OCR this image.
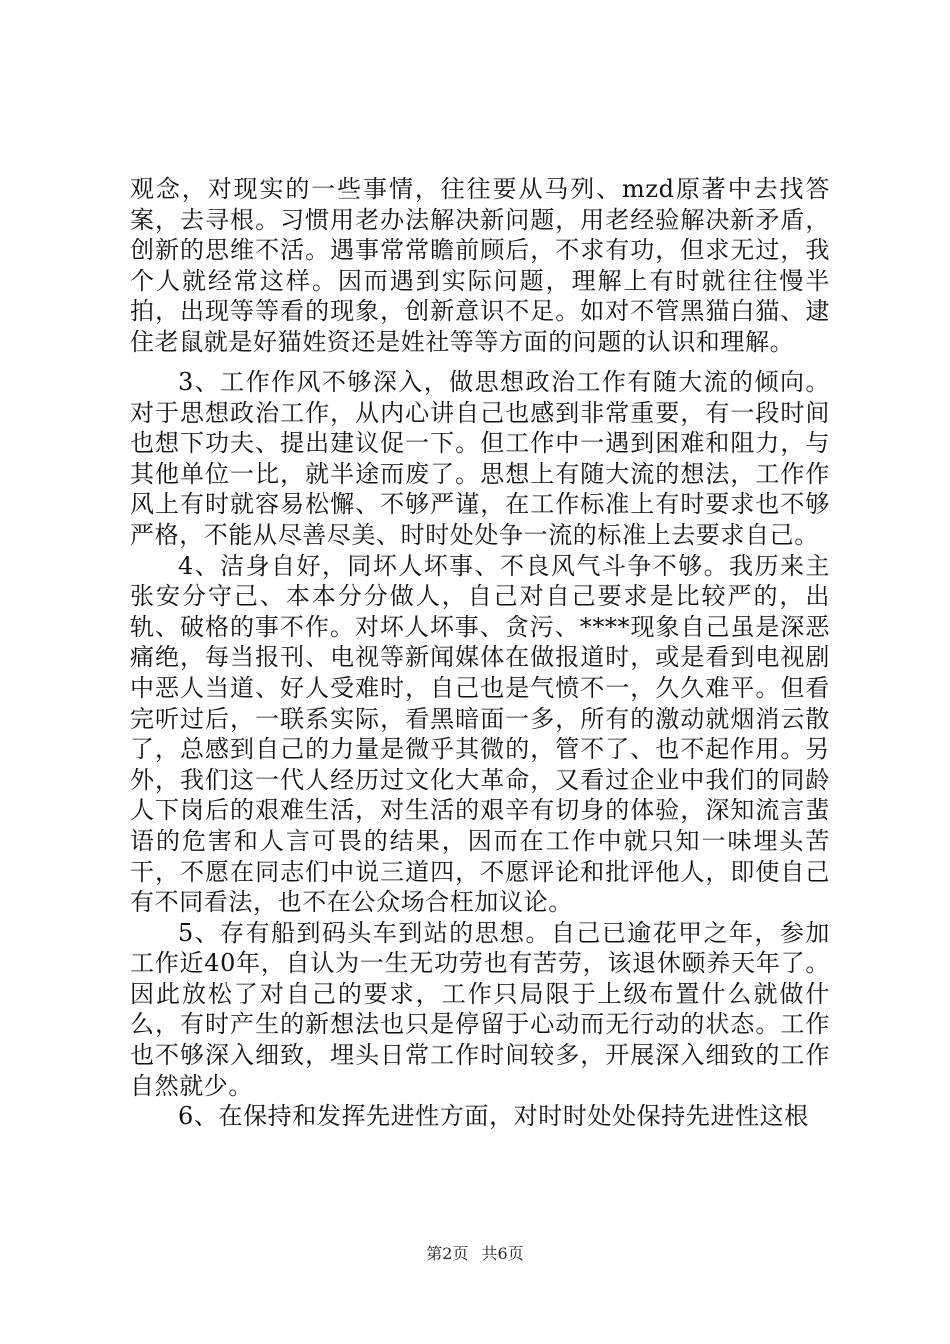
观念，对现实的一些事情，往往要从马列、mzd原著中去找答案，去寻根。习惯用老办法解决新问题，用老经验解决新矛盾，创新的思维不活。遇事常常瞻前顾后，不求有功，但求无过，我个人就经常这样。因而遇到实际问题，理解上有时就往往慢半拍，出现等等看的现象，创新意识不足。如对不管黑猫白猫、逮住老鼠就是好猫姓资还是姓社等等方面的问题的认识和理解。

3、工作作风不够深入，做思想政治工作有随大流的倾向。对于思想政治工作，从内心讲自己也感到非常重要，有一段时间也想下功夫、提出建议促一下。但工作中一遇到困难和阻力，与其他单位一比，就半途而废了。思想上有随大流的想法，工作作风上有时就容易松懈、不够严谨，在工作标准上有时要求也不够严格，不能从尽善尽美、时时处处争一流的标准上去要求自己。

4、洁身自好，同坏人坏事、不良风气斗争不够。我历来主张安分守己、本本分分做人，自己对自己要求是比较严的，出轨、破格的事不作。对坏人坏事、贪污、****现象自己虽是深恶痛绝，每当报刊、电视等新闻媒体在做报道时，或是看到电视剧中恶人当道、好人受难时，自己也是气愤不一，久久难平。但看完听过后，一联系实际，看黑暗面一多，所有的激动就烟消云散了，总感到自己的力量是微乎其微的，管不了、也不起作用。另外，我们这一代人经历过文化大革命，又看过企业中我们的同龄人下岗后的艰难生活，对生活的艰辛有切身的体验，深知流言蜚语的危害和人言可畏的结果，因而在工作中就只知一味埋头苦干，不愿在同志们中说三道四，不愿评论和批评他人，即使自己有不同看法，也不在公众场合枉加议论。

5、存有船到码头车到站的思想。自己已逾花甲之年，参加工作近40年，自认为一生无功劳也有苦劳，该退休颐养天年了。因此放松了对自己的要求，工作只局限于上级布置什么就做什么，有时产生的新想法也只是停留于心动而无行动的状态。工作也不够深入细致，埋头日常工作时间较多，开展深入细致的工作自然就少。

6、在保持和发挥先进性方面，对时时处处保持先进性这根

第2页 共6页
